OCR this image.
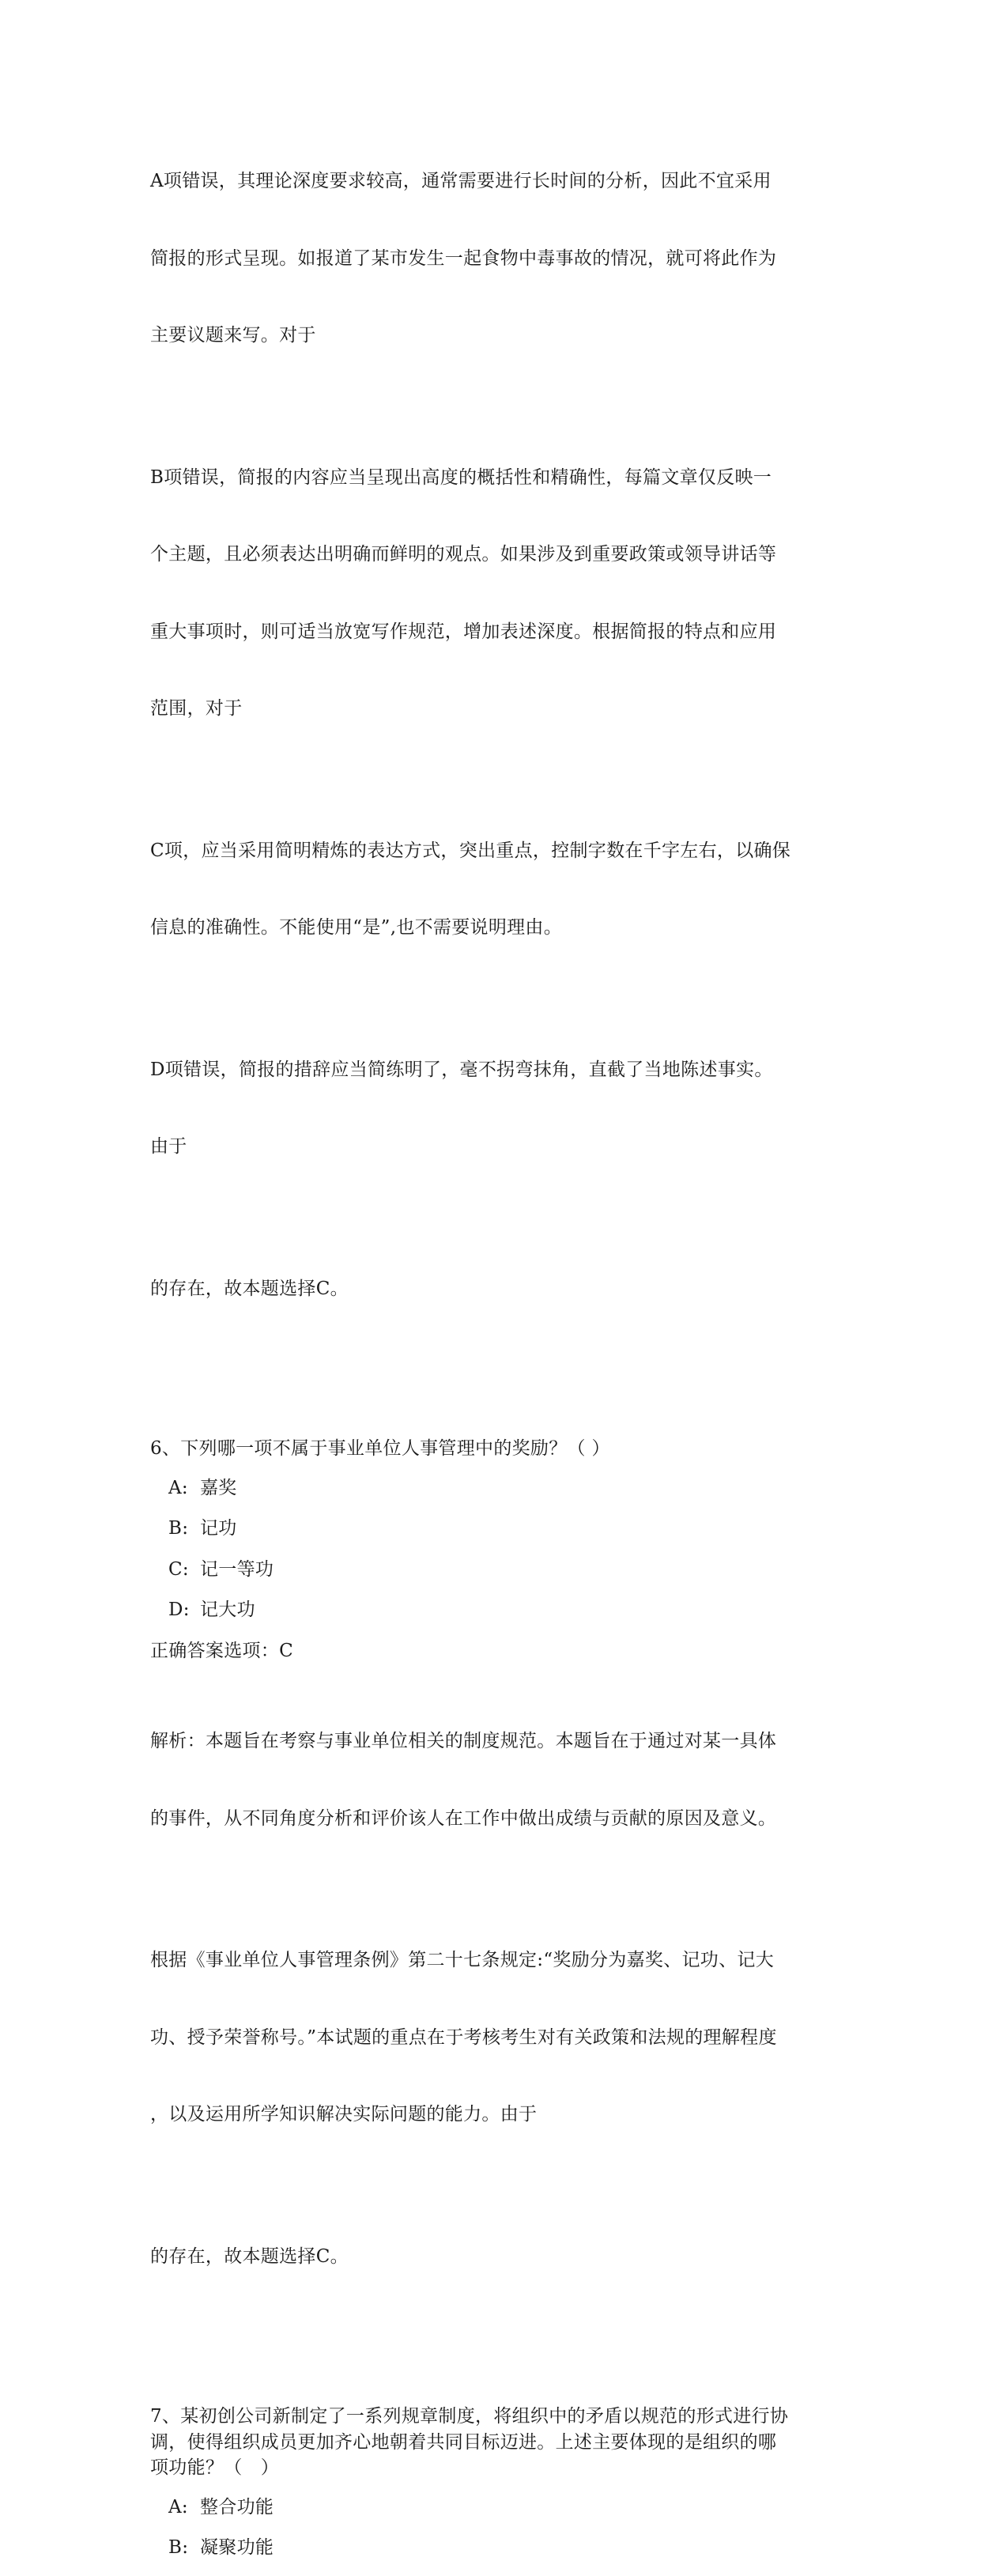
A项错误，其理论深度要求较高，通常需要进行长时间的分析，因此不宜采用

简报的形式呈现。如报道了某市发生一起食物中毒事故的情况，就可将此作为

主要议题来写。对于

B项错误，简报的内容应当呈现出高度的概括性和精确性，每篇文章仅反映一

个主题，且必须表达出明确而鲜明的观点。如果涉及到重要政策或领导讲话等

重大事项时，则可适当放宽写作规范，增加表述深度。根据简报的特点和应用

范围，对于

C项，应当采用简明精炼的表达方式，突出重点，控制字数在千字左右，以确保

信息的准确性。不能使用“是”,也不需要说明理由。

D项错误，简报的措辞应当简练明了，毫不拐弯抹角，直截了当地陈述事实。

由于

的存在，故本题选择C。

6、下列哪一项不属于事业单位人事管理中的奖励？（ ）
A: 嘉奖
B: 记功
C: 记一等功
D: 记大功
正确答案选项：C

解析：本题旨在考察与事业单位相关的制度规范。本题旨在于通过对某一具体

的事件，从不同角度分析和评价该人在工作中做出成绩与贡献的原因及意义。

根据《事业单位人事管理条例》第二十七条规定:“奖励分为嘉奖、记功、记大

功、授予荣誉称号。”本试题的重点在于考核考生对有关政策和法规的理解程度

，以及运用所学知识解决实际问题的能力。由于

的存在，故本题选择C。

7、某初创公司新制定了一系列规章制度，将组织中的矛盾以规范的形式进行协
调，使得组织成员更加齐心地朝着共同目标迈进。上述主要体现的是组织的哪
项功能？（　）
A: 整合功能
B: 凝聚功能
